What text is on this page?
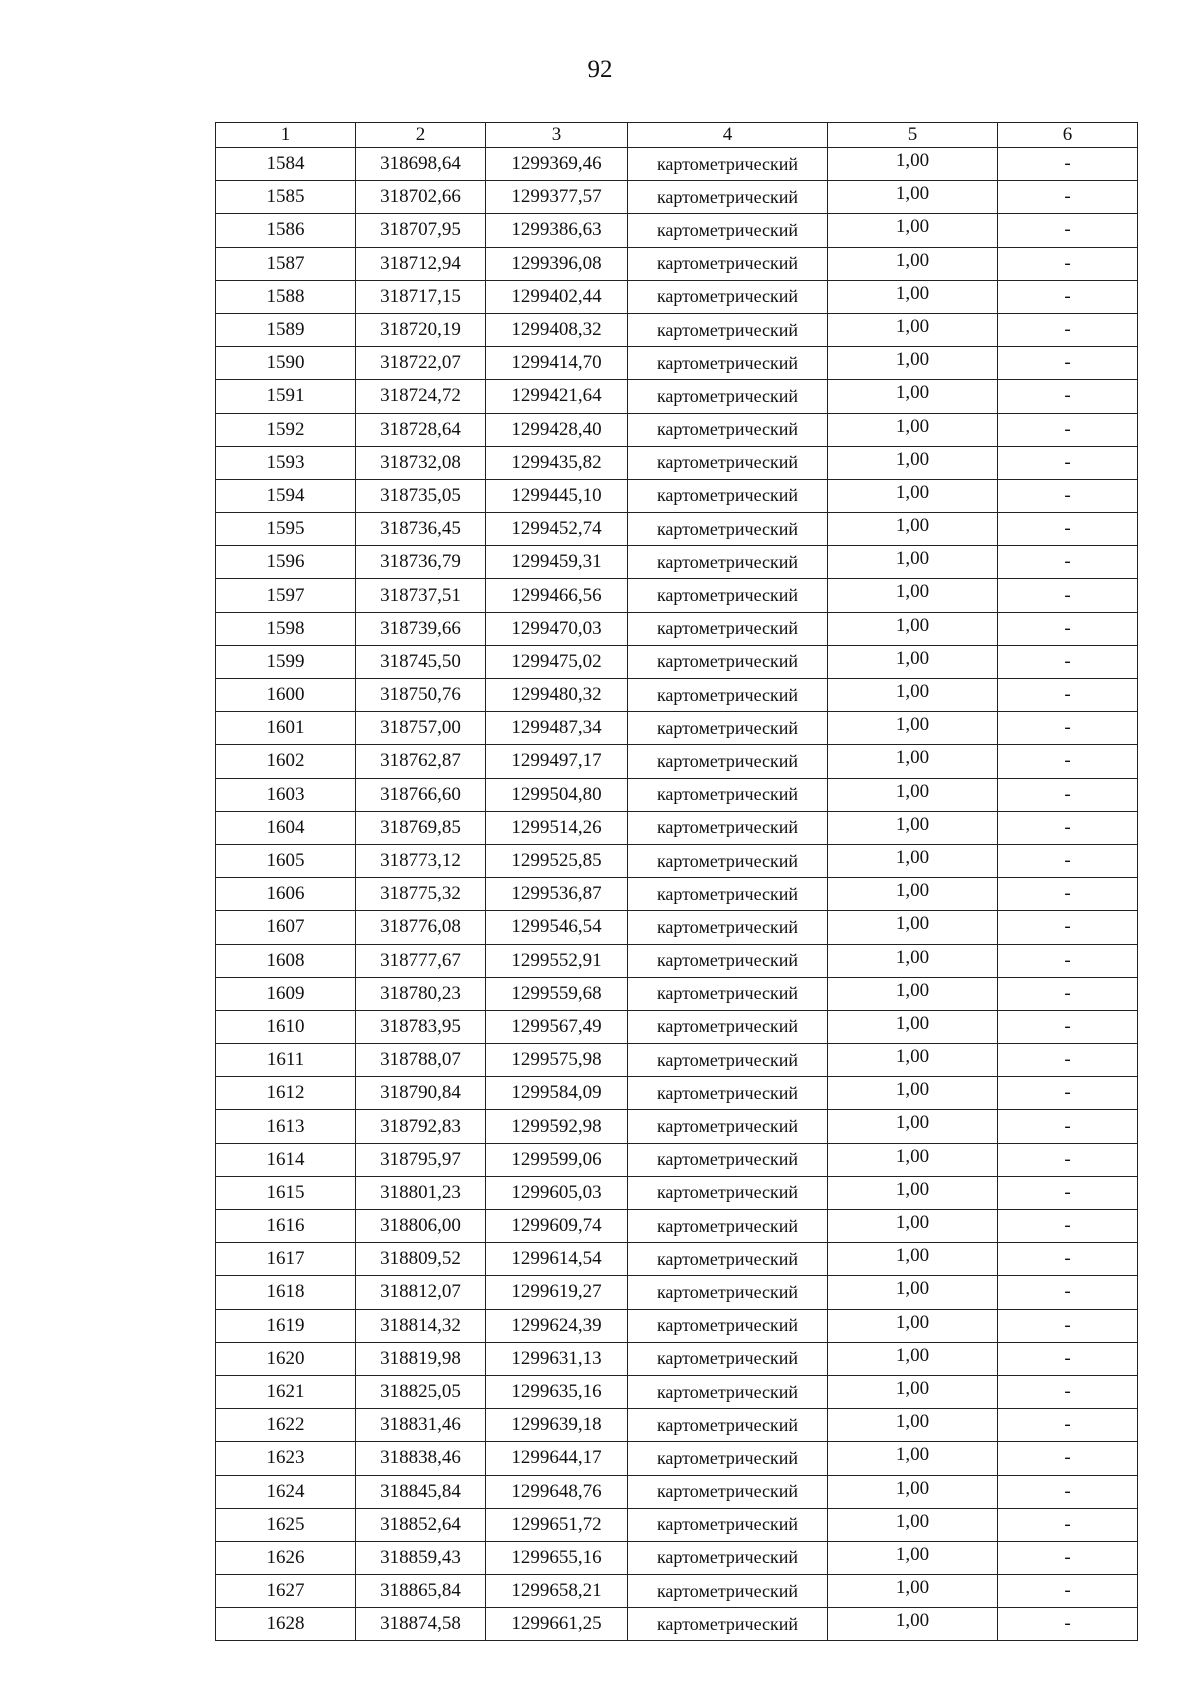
92
1	2	3	4	5	6
1584	318698,64	1299369,46	картометрический	1,00	-
1585	318702,66	1299377,57	картометрический	1,00	-
1586	318707,95	1299386,63	картометрический	1,00	-
1587	318712,94	1299396,08	картометрический	1,00	-
1588	318717,15	1299402,44	картометрический	1,00	-
1589	318720,19	1299408,32	картометрический	1,00	-
1590	318722,07	1299414,70	картометрический	1,00	-
1591	318724,72	1299421,64	картометрический	1,00	-
1592	318728,64	1299428,40	картометрический	1,00	-
1593	318732,08	1299435,82	картометрический	1,00	-
1594	318735,05	1299445,10	картометрический	1,00	-
1595	318736,45	1299452,74	картометрический	1,00	-
1596	318736,79	1299459,31	картометрический	1,00	-
1597	318737,51	1299466,56	картометрический	1,00	-
1598	318739,66	1299470,03	картометрический	1,00	-
1599	318745,50	1299475,02	картометрический	1,00	-
1600	318750,76	1299480,32	картометрический	1,00	-
1601	318757,00	1299487,34	картометрический	1,00	-
1602	318762,87	1299497,17	картометрический	1,00	-
1603	318766,60	1299504,80	картометрический	1,00	-
1604	318769,85	1299514,26	картометрический	1,00	-
1605	318773,12	1299525,85	картометрический	1,00	-
1606	318775,32	1299536,87	картометрический	1,00	-
1607	318776,08	1299546,54	картометрический	1,00	-
1608	318777,67	1299552,91	картометрический	1,00	-
1609	318780,23	1299559,68	картометрический	1,00	-
1610	318783,95	1299567,49	картометрический	1,00	-
1611	318788,07	1299575,98	картометрический	1,00	-
1612	318790,84	1299584,09	картометрический	1,00	-
1613	318792,83	1299592,98	картометрический	1,00	-
1614	318795,97	1299599,06	картометрический	1,00	-
1615	318801,23	1299605,03	картометрический	1,00	-
1616	318806,00	1299609,74	картометрический	1,00	-
1617	318809,52	1299614,54	картометрический	1,00	-
1618	318812,07	1299619,27	картометрический	1,00	-
1619	318814,32	1299624,39	картометрический	1,00	-
1620	318819,98	1299631,13	картометрический	1,00	-
1621	318825,05	1299635,16	картометрический	1,00	-
1622	318831,46	1299639,18	картометрический	1,00	-
1623	318838,46	1299644,17	картометрический	1,00	-
1624	318845,84	1299648,76	картометрический	1,00	-
1625	318852,64	1299651,72	картометрический	1,00	-
1626	318859,43	1299655,16	картометрический	1,00	-
1627	318865,84	1299658,21	картометрический	1,00	-
1628	318874,58	1299661,25	картометрический	1,00	-
